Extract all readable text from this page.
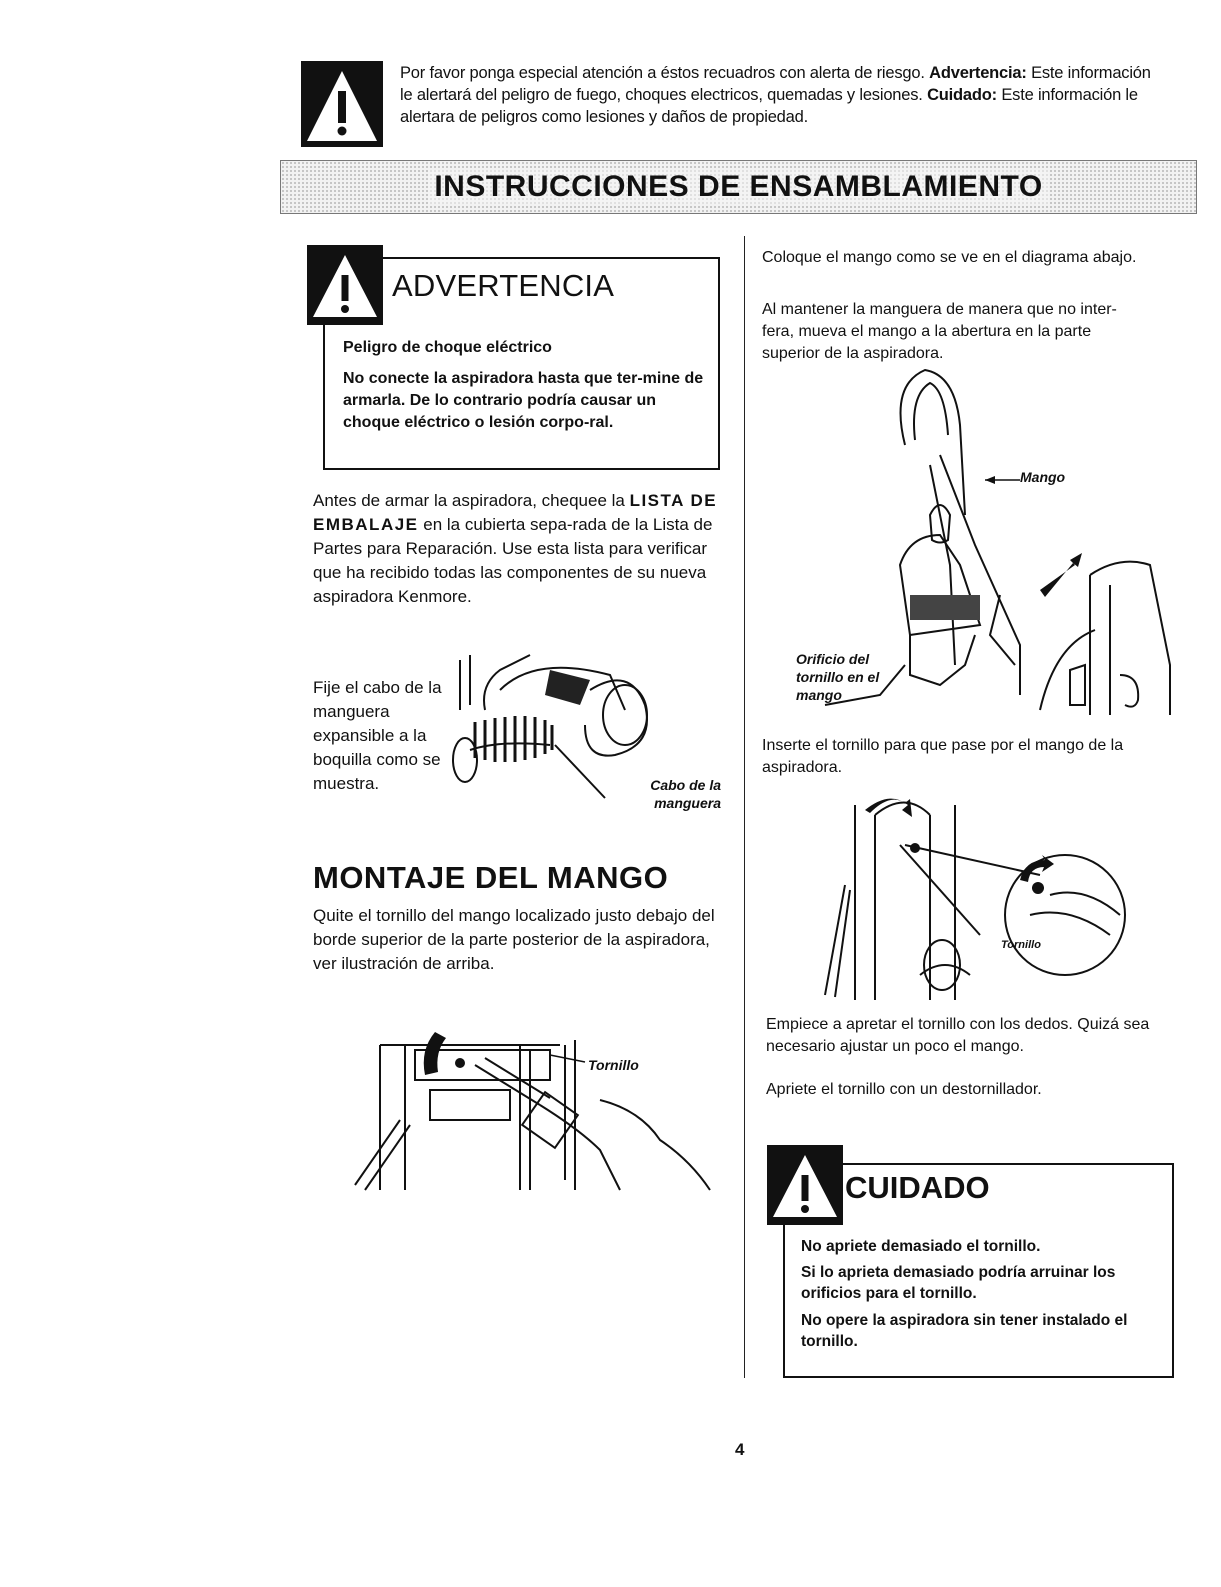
Por favor ponga especial atención a éstos recuadros con alerta de riesgo. Advertencia: Este información le alertará del peligro de fuego, choques electricos, quemadas y lesiones. Cuidado: Este información le alertara de peligros como lesiones y daños de propiedad.
INSTRUCCIONES DE ENSAMBLAMIENTO
ADVERTENCIA
Peligro de choque eléctrico
No conecte la aspiradora hasta que ter-mine de armarla. De lo contrario podría causar un choque eléctrico o lesión corpo-ral.
Antes de armar la aspiradora, chequee la LISTA DE EMBALAJE en la cubierta sepa-rada de la Lista de Partes para Reparación. Use esta lista para verificar que ha recibido todas las componentes de su nueva aspiradora Kenmore.
Fije el cabo de la manguera expansible a la boquilla como se muestra.	Cabo de la manguera
MONTAJE DEL MANGO
Quite el tornillo del mango localizado justo debajo del borde superior de la parte posterior de la aspiradora, ver ilustración de arriba.
Tornillo
Coloque el mango como se ve en el diagrama abajo.
Al mantener la manguera de manera que no inter-fera, mueva el mango a la abertura en la parte superior de la aspiradora.
Mango
Orificio del tornillo en el mango
Inserte el tornillo para que pase por el mango de la aspiradora.
Tornillo
Empiece a apretar el tornillo con los dedos. Quizá sea necesario ajustar un poco el mango.
Apriete el tornillo con un destornillador.
CUIDADO
No apriete demasiado el tornillo.
Si lo aprieta demasiado podría arruinar los orificios para el tornillo.
No opere la aspiradora sin tener instalado el tornillo.
4
